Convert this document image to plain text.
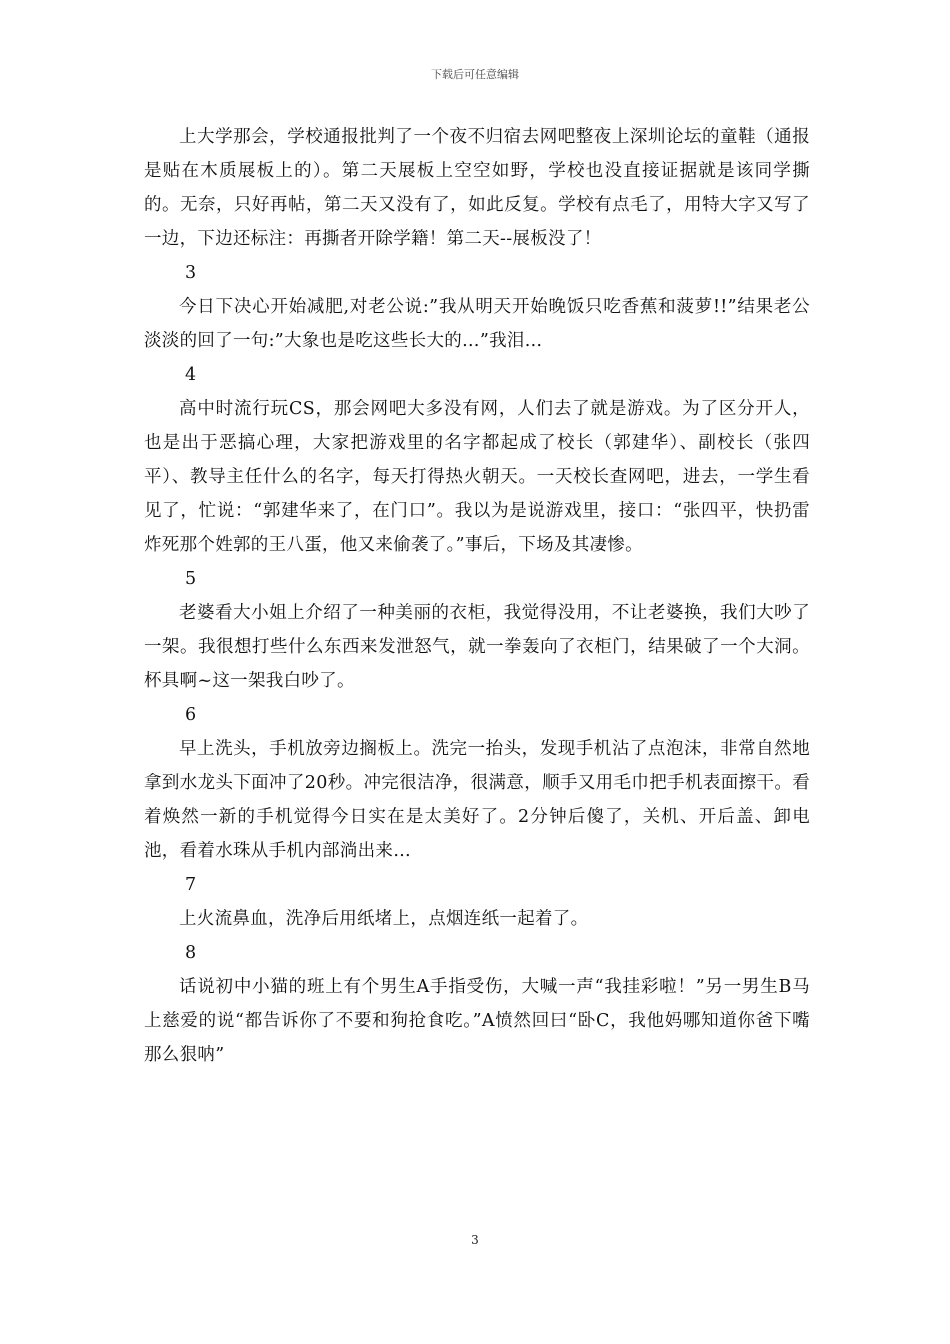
下载后可任意编辑

上大学那会，学校通报批判了一个夜不归宿去网吧整夜上深圳论坛的童鞋（通报是贴在木质展板上的）。第二天展板上空空如野，学校也没直接证据就是该同学撕的。无奈，只好再帖，第二天又没有了，如此反复。学校有点毛了，用特大字又写了一边，下边还标注：再撕者开除学籍！第二天--展板没了！

3

今日下决心开始减肥,对老公说:”我从明天开始晚饭只吃香蕉和菠萝!!”结果老公淡淡的回了一句:”大象也是吃这些长大的…”我泪…

4

高中时流行玩CS，那会网吧大多没有网，人们去了就是游戏。为了区分开人，也是出于恶搞心理，大家把游戏里的名字都起成了校长（郭建华）、副校长（张四平）、教导主任什么的名字，每天打得热火朝天。一天校长查网吧，进去，一学生看见了，忙说：“郭建华来了，在门口”。我以为是说游戏里，接口：“张四平，快扔雷炸死那个姓郭的王八蛋，他又来偷袭了。”事后，下场及其凄惨。

5

老婆看大小姐上介绍了一种美丽的衣柜，我觉得没用，不让老婆换，我们大吵了一架。我很想打些什么东西来发泄怒气，就一拳轰向了衣柜门，结果破了一个大洞。杯具啊~这一架我白吵了。

6

早上洗头，手机放旁边搁板上。洗完一抬头，发现手机沾了点泡沫，非常自然地拿到水龙头下面冲了20秒。冲完很洁净，很满意，顺手又用毛巾把手机表面擦干。看着焕然一新的手机觉得今日实在是太美好了。2分钟后傻了，关机、开后盖、卸电池，看着水珠从手机内部淌出来…

7

上火流鼻血，洗净后用纸堵上，点烟连纸一起着了。

8

话说初中小猫的班上有个男生A手指受伤，大喊一声“我挂彩啦！”另一男生B马上慈爱的说“都告诉你了不要和狗抢食吃。”A愤然回曰“卧C，我他妈哪知道你爸下嘴那么狠呐”

3
